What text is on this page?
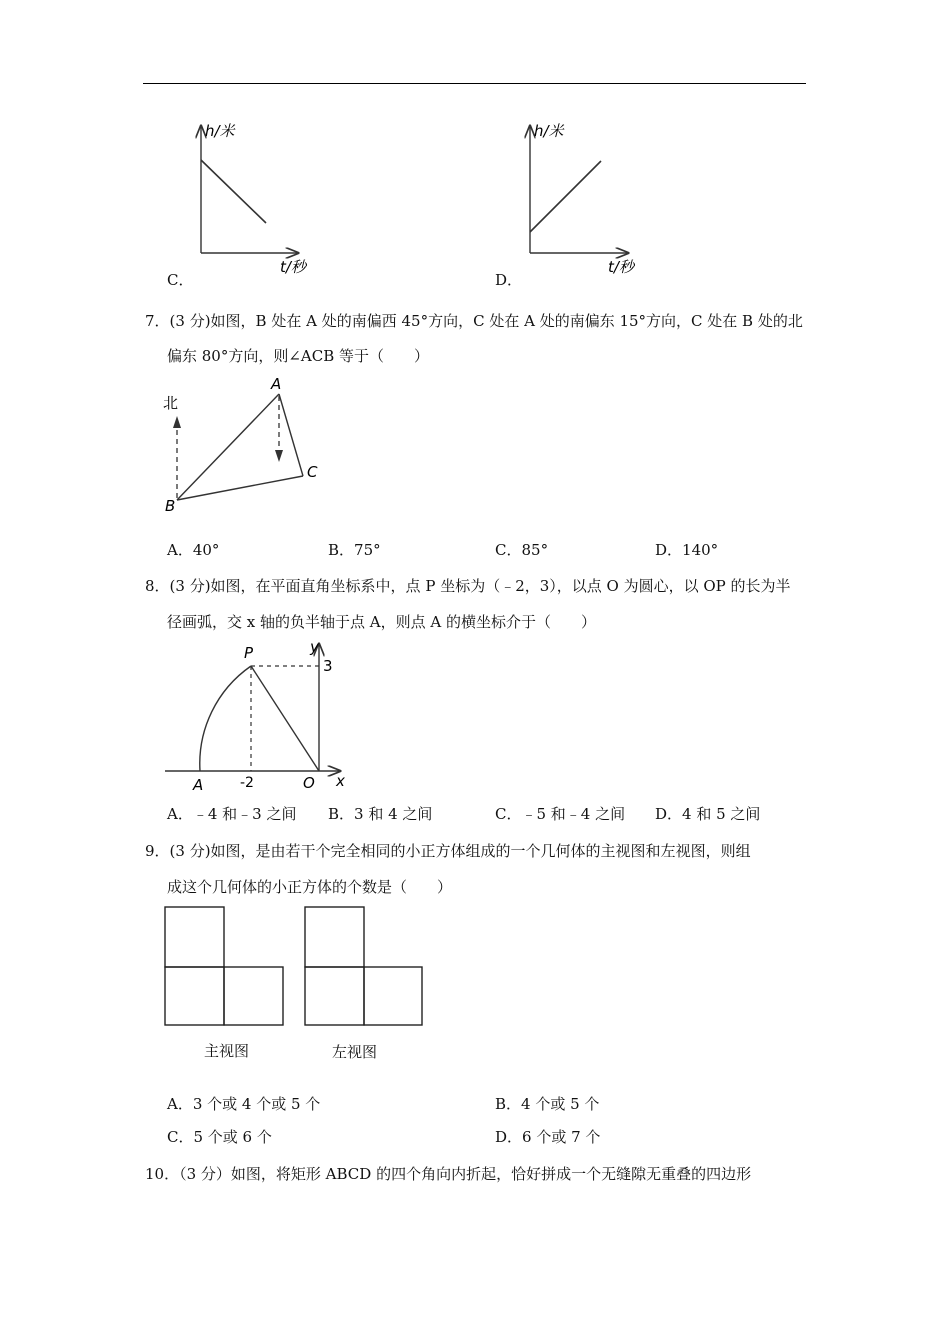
h/米
t/秒
C．
h/米
t/秒
D．
7．(3 分)如图，B 处在 A 处的南偏西 45°方向，C 处在 A 处的南偏东 15°方向，C 处在 B 处的北
偏东 80°方向，则∠ACB 等于（　　）
北
A
B
C
A．40°	B．75°	C．85°	D．140°
8．(3 分)如图，在平面直角坐标系中，点 P 坐标为（﹣2，3），以点 O 为圆心，以 OP 的长为半
径画弧，交 x 轴的负半轴于点 A，则点 A 的横坐标介于（　　）
P	y
3
A	-2	O x
A．﹣4 和﹣3 之间 B．3 和 4 之间	C．﹣5 和﹣4 之间 D．4 和 5 之间
9．(3 分)如图，是由若干个完全相同的小正方体组成的一个几何体的主视图和左视图，则组
成这个几何体的小正方体的个数是（　　）
主视图	左视图
A．3 个或 4 个或 5 个	B．4 个或 5 个
C．5 个或 6 个	D．6 个或 7 个
10．（3 分）如图，将矩形 ABCD 的四个角向内折起，恰好拼成一个无缝隙无重叠的四边形
